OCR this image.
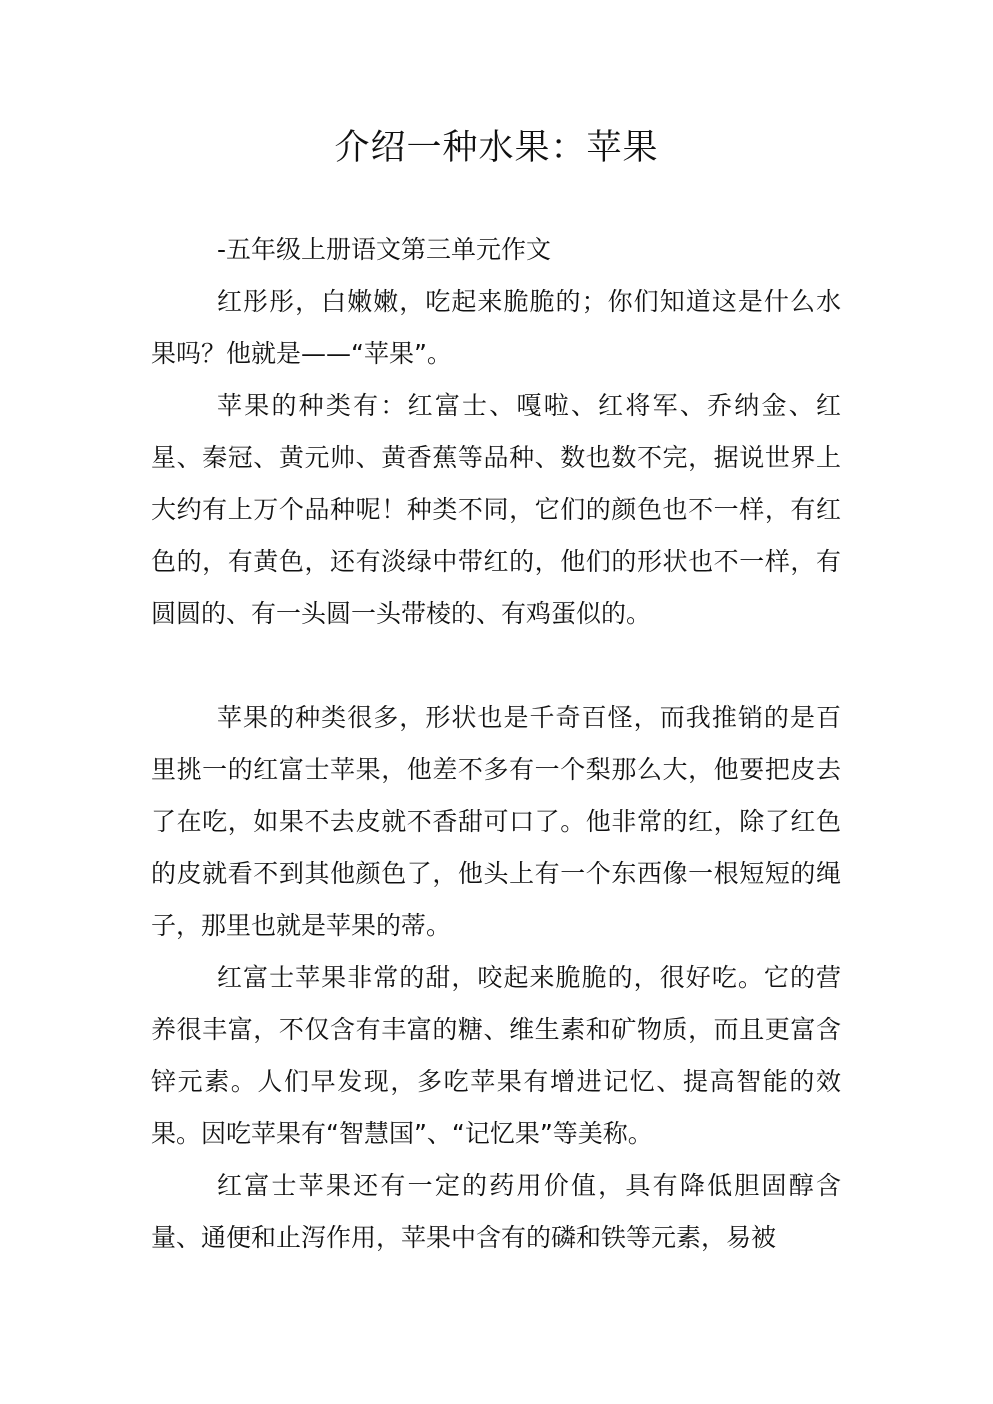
介绍一种水果：苹果

-五年级上册语文第三单元作文

红彤彤，白嫩嫩，吃起来脆脆的；你们知道这是什么水果吗？他就是——“苹果”。

苹果的种类有：红富士、嘎啦、红将军、乔纳金、红星、秦冠、黄元帅、黄香蕉等品种、数也数不完，据说世界上大约有上万个品种呢！种类不同，它们的颜色也不一样，有红色的，有黄色，还有淡绿中带红的，他们的形状也不一样，有圆圆的、有一头圆一头带棱的、有鸡蛋似的。

苹果的种类很多，形状也是千奇百怪，而我推销的是百里挑一的红富士苹果，他差不多有一个梨那么大，他要把皮去了在吃，如果不去皮就不香甜可口了。他非常的红，除了红色的皮就看不到其他颜色了，他头上有一个东西像一根短短的绳子，那里也就是苹果的蒂。

红富士苹果非常的甜，咬起来脆脆的，很好吃。它的营养很丰富，不仅含有丰富的糖、维生素和矿物质，而且更富含锌元素。人们早发现，多吃苹果有增进记忆、提高智能的效果。因吃苹果有“智慧国”、“记忆果”等美称。

红富士苹果还有一定的药用价值，具有降低胆固醇含量、通便和止泻作用，苹果中含有的磷和铁等元素，易被
